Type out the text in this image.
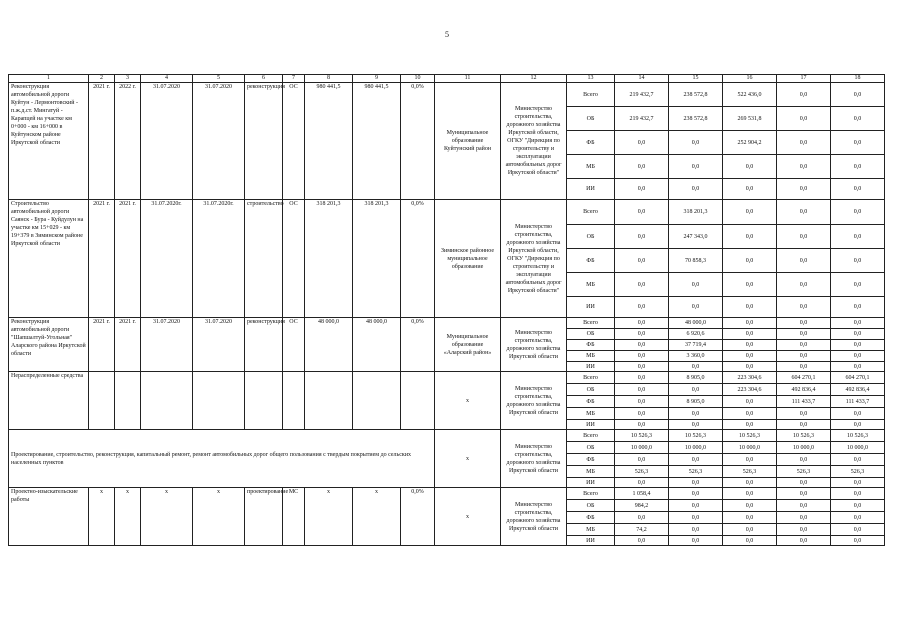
5
1	2	3	4	5	6	7	8	9	10	11	12	13	14	15	16	17	18
Реконструкция автомобильной дороги Куйтун - Лермонтовский - п.ж.д.ст. Мингатуй - Карапцей на участке км 0+000 - км 16+000 в Куйтунском районе Иркутской области	2021 г.	2022 г.	31.07.2020	31.07.2020	реконструкция	ОС	980 441,5	980 441,5	0,0%	Муниципальное образование Куйтунский район	Министерство строительства, дорожного хозяйства Иркутской области, ОГКУ "Дирекция по строительству и эксплуатации автомобильных дорог Иркутской области"	Всего	219 432,7	238 572,8	522 436,0	0,0	0,0
												ОБ	219 432,7	238 572,8	269 531,8	0,0	0,0
												ФБ	0,0	0,0	252 904,2	0,0	0,0
												МБ	0,0	0,0	0,0	0,0	0,0
												ИИ	0,0	0,0	0,0	0,0	0,0
Строительство автомобильной дороги Саянск - Бура - Куйдулун на участке км 15+029 - км 19+379 в Зиминском районе Иркутской области	2021 г.	2021 г.	31.07.2020г.	31.07.2020г.	строительство	ОС	318 201,3	318 201,3	0,0%	Зиминское районное муниципальное образование	Министерство строительства, дорожного хозяйства Иркутской области, ОГКУ "Дирекция по строительству и эксплуатации автомобильных дорог Иркутской области"	Всего	0,0	318 201,3	0,0	0,0	0,0
												ОБ	0,0	247 343,0	0,0	0,0	0,0
												ФБ	0,0	70 858,3	0,0	0,0	0,0
												МБ	0,0	0,0	0,0	0,0	0,0
												ИИ	0,0	0,0	0,0	0,0	0,0
Реконструкция автомобильной дороги "Шапшалтуй-Угольная" Аларского района Иркутской области	2021 г.	2021 г.	31.07.2020	31.07.2020	реконструкция	ОС	48 000,0	48 000,0	0,0%	Муниципальное образование «Аларский район»	Министерство строительства, дорожного хозяйства Иркутской области	Всего	0,0	48 000,0	0,0	0,0	0,0
												ОБ	0,0	6 920,6	0,0	0,0	0,0
												ФБ	0,0	37 719,4	0,0	0,0	0,0
												МБ	0,0	3 360,0	0,0	0,0	0,0
												ИИ	0,0	0,0	0,0	0,0	0,0
Нераспределенные средства										х	Министерство строительства, дорожного хозяйства Иркутской области	Всего	0,0	8 905,0	223 304,6	604 270,1	604 270,1
												ОБ	0,0	0,0	223 304,6	492 836,4	492 836,4
												ФБ	0,0	8 905,0	0,0	111 433,7	111 433,7
												МБ	0,0	0,0	0,0	0,0	0,0
												ИИ	0,0	0,0	0,0	0,0	0,0
Проектирование, строительство, реконструкция, капитальный ремонт, ремонт автомобильных дорог общего пользования с твердым покрытием до сельских населенных пунктов										х	Министерство строительства, дорожного хозяйства Иркутской области	Всего	10 526,3	10 526,3	10 526,3	10 526,3	10 526,3
												ОБ	10 000,0	10 000,0	10 000,0	10 000,0	10 000,0
												ФБ	0,0	0,0	0,0	0,0	0,0
												МБ	526,3	526,3	526,3	526,3	526,3
												ИИ	0,0	0,0	0,0	0,0	0,0
Проектно-изыскательские работы	х	х	х	х	проектирование	МС	х	х	0,0%	х	Министерство строительства, дорожного хозяйства Иркутской области	Всего	1 058,4	0,0	0,0	0,0	0,0
												ОБ	984,2	0,0	0,0	0,0	0,0
												ФБ	0,0	0,0	0,0	0,0	0,0
												МБ	74,2	0,0	0,0	0,0	0,0
												ИИ	0,0	0,0	0,0	0,0	0,0
